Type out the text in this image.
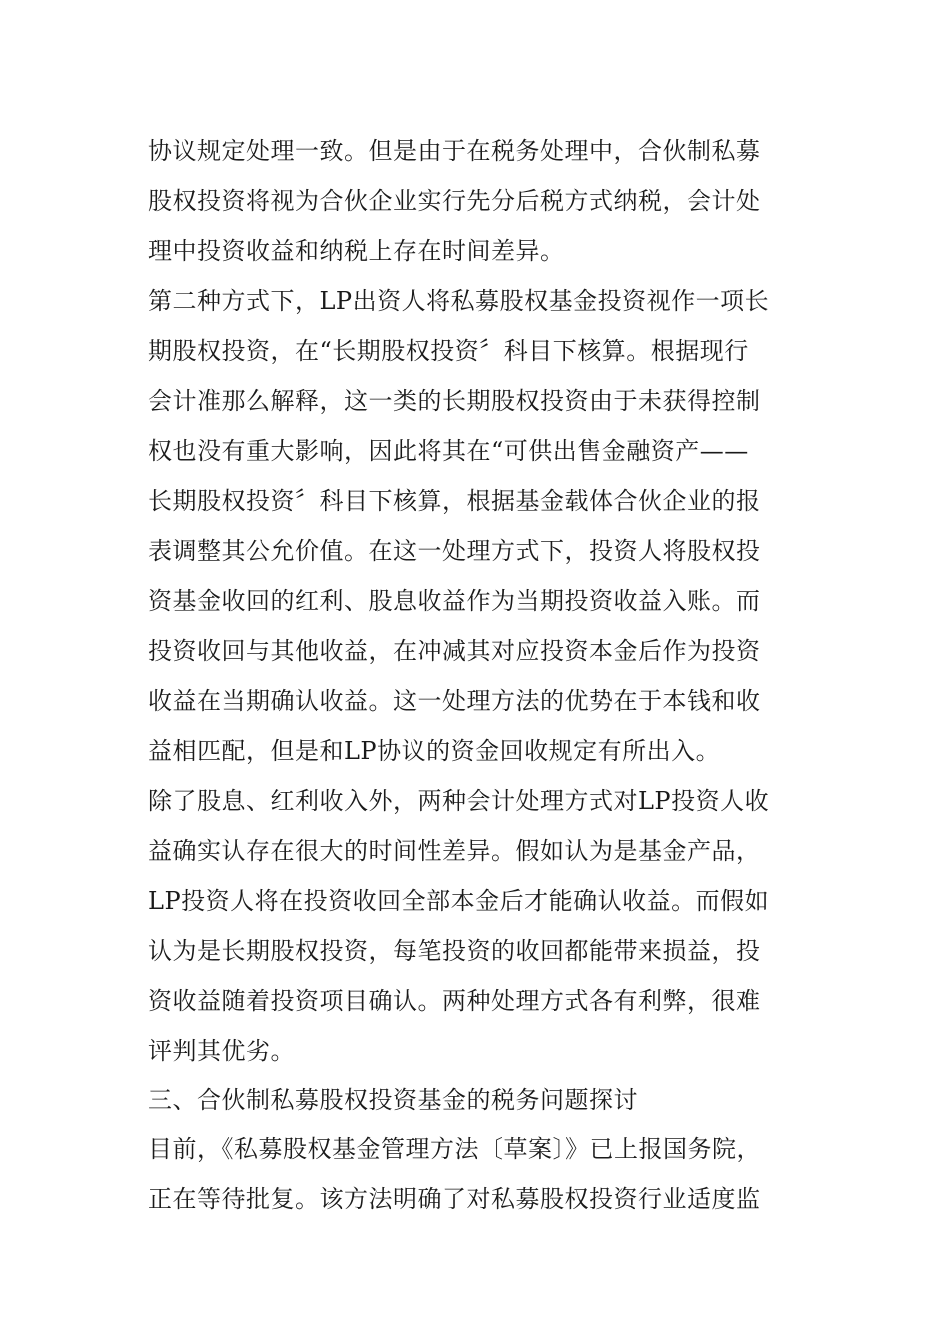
协议规定处理一致。但是由于在税务处理中，合伙制私募
股权投资将视为合伙企业实行先分后税方式纳税，会计处
理中投资收益和纳税上存在时间差异。
第二种方式下，LP出资人将私募股权基金投资视作一项长
期股权投资，在“长期股权投资〞科目下核算。根据现行
会计准那么解释，这一类的长期股权投资由于未获得控制
权也没有重大影响，因此将其在“可供出售金融资产——
长期股权投资〞科目下核算，根据基金载体合伙企业的报
表调整其公允价值。在这一处理方式下，投资人将股权投
资基金收回的红利、股息收益作为当期投资收益入账。而
投资收回与其他收益，在冲减其对应投资本金后作为投资
收益在当期确认收益。这一处理方法的优势在于本钱和收
益相匹配，但是和LP协议的资金回收规定有所出入。
除了股息、红利收入外，两种会计处理方式对LP投资人收
益确实认存在很大的时间性差异。假如认为是基金产品，
LP投资人将在投资收回全部本金后才能确认收益。而假如
认为是长期股权投资，每笔投资的收回都能带来损益，投
资收益随着投资项目确认。两种处理方式各有利弊，很难
评判其优劣。
三、合伙制私募股权投资基金的税务问题探讨
目前，《私募股权基金管理方法〔草案〕》已上报国务院，
正在等待批复。该方法明确了对私募股权投资行业适度监
